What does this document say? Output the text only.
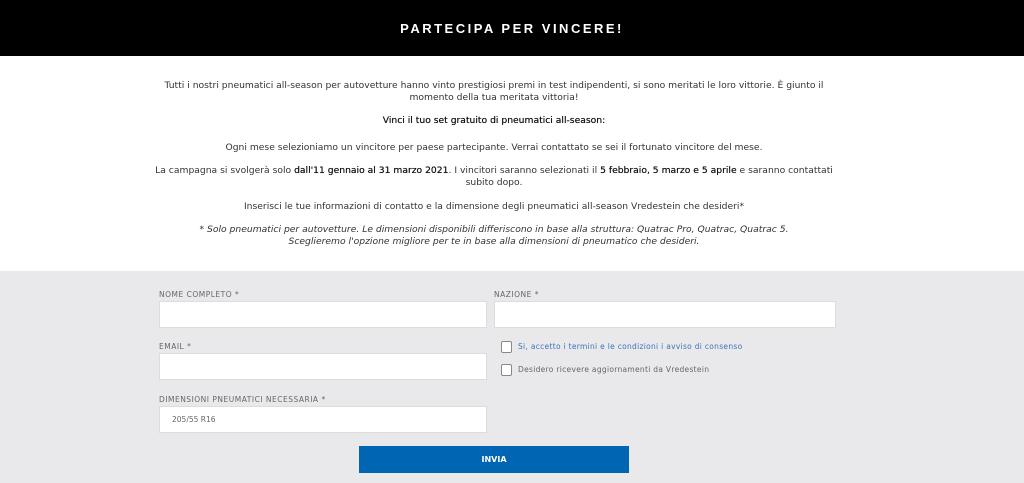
PARTECIPA PER VINCERE!
Tutti i nostri pneumatici all-season per autovetture hanno vinto prestigiosi premi in test indipendenti, si sono meritati le loro vittorie. È giunto il momento della tua meritata vittoria!
Vinci il tuo set gratuito di pneumatici all-season:
Ogni mese selezioniamo un vincitore per paese partecipante. Verrai contattato se sei il fortunato vincitore del mese.
La campagna si svolgerà solo dall'11 gennaio al 31 marzo 2021. I vincitori saranno selezionati il 5 febbraio, 5 marzo e 5 aprile e saranno contattati subito dopo.
Inserisci le tue informazioni di contatto e la dimensione degli pneumatici all-season Vredestein che desideri*
* Solo pneumatici per autovetture. Le dimensioni disponibili differiscono in base alla struttura: Quatrac Pro, Quatrac, Quatrac 5. Sceglieremo l'opzione migliore per te in base alla dimensioni di pneumatico che desideri.
NOME COMPLETO *	NAZIONE *
EMAIL *	Si, accetto i termini e le condizioni i avviso di consenso
Desidero ricevere aggiornamenti da Vredestein
DIMENSIONI PNEUMATICI NECESSARIA *
205/55 R16
INVIA
